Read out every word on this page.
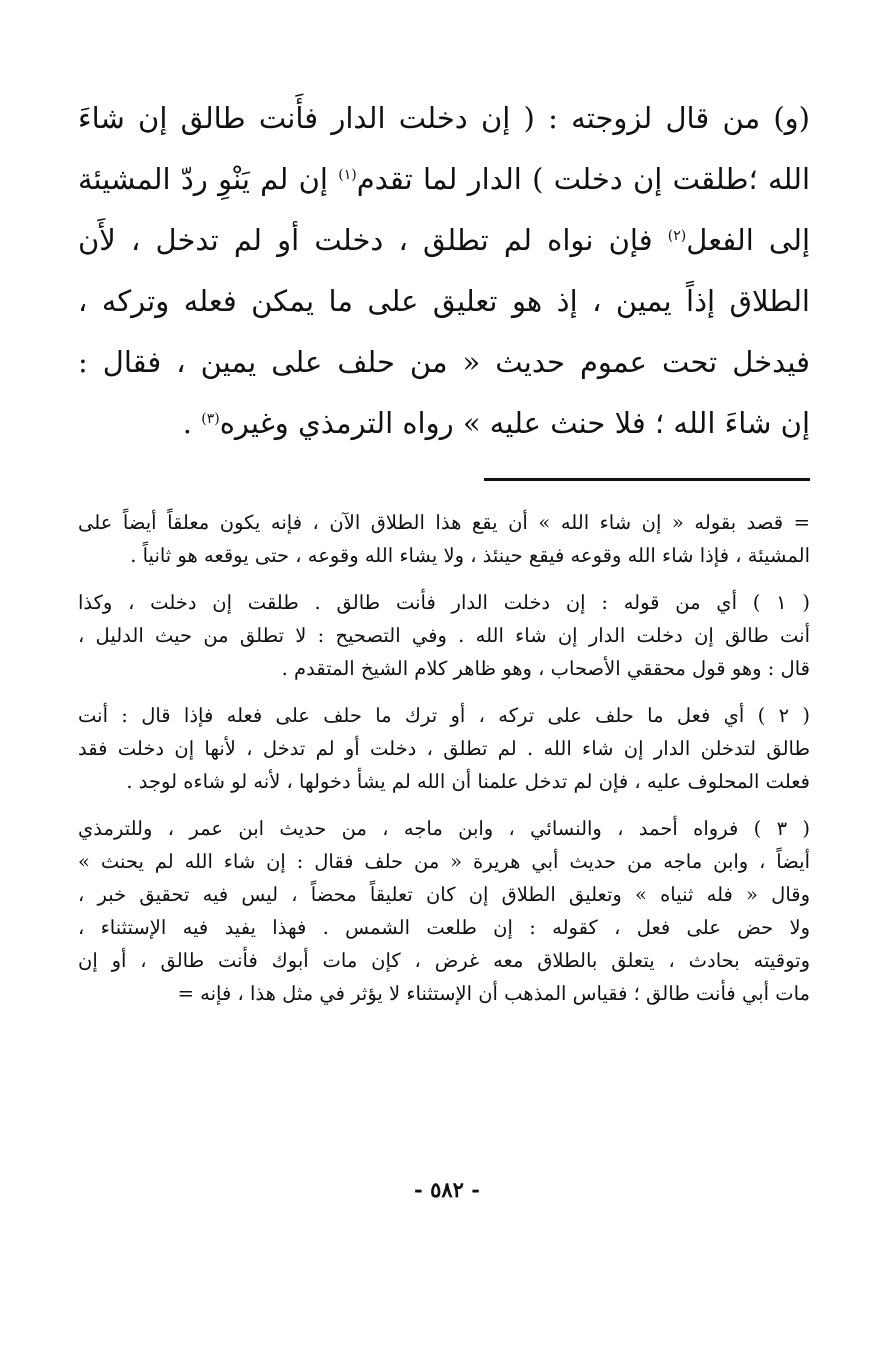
(و) من قال لزوجته : ( إن دخلت الدار فأَنت طالق إن شاءَ
الله ؛طلقت إن دخلت ) الدار لما تقدم$^{(١)}$ إن لم يَنْوِ ردّ المشيئة
إلى الفعل$^{(٢)}$ فإن نواه لم تطلق ، دخلت أو لم تدخل ، لأَن
الطلاق إذاً يمين ، إذ هو تعليق على ما يمكن فعله وتركه ،
فيدخل تحت عموم حديث « من حلف على يمين ، فقال :
إن شاءَ الله ؛ فلا حنث عليه » رواه الترمذي وغيره$^{(٣)}$ .
= قصد بقوله « إن شاء الله » أن يقع هذا الطلاق الآن ، فإنه يكون معلقاً أيضاً على
المشيئة ، فإذا شاء الله وقوعه فيقع حينئذ ، ولا يشاء الله وقوعه ، حتى يوقعه هو ثانياً .
( ١ ) أي من قوله : إن دخلت الدار فأنت طالق . طلقت إن دخلت ، وكذا
أنت طالق إن دخلت الدار إن شاء الله . وفي التصحيح : لا تطلق من حيث الدليل ،
قال : وهو قول محققي الأصحاب ، وهو ظاهر كلام الشيخ المتقدم .
( ٢ ) أي فعل ما حلف على تركه ، أو ترك ما حلف على فعله فإذا قال : أنت
طالق لتدخلن الدار إن شاء الله . لم تطلق ، دخلت أو لم تدخل ، لأنها إن دخلت فقد
فعلت المحلوف عليه ، فإن لم تدخل علمنا أن الله لم يشأ دخولها ، لأنه لو شاءه لوجد .
( ٣ ) فرواه أحمد ، والنسائي ، وابن ماجه ، من حديث ابن عمر ، وللترمذي
أيضاً ، وابن ماجه من حديث أبي هريرة « من حلف فقال : إن شاء الله لم يحنث »
وقال « فله ثنياه » وتعليق الطلاق إن كان تعليقاً محضاً ، ليس فيه تحقيق خبر ،
ولا حض على فعل ، كقوله : إن طلعت الشمس . فهذا يفيد فيه الإستثناء ،
وتوقيته بحادث ، يتعلق بالطلاق معه غرض ، كإن مات أبوك فأنت طالق ، أو إن
مات أبي فأنت طالق ؛ فقياس المذهب أن الإستثناء لا يؤثر في مثل هذا ، فإنه =
- ٥٨٢ -
